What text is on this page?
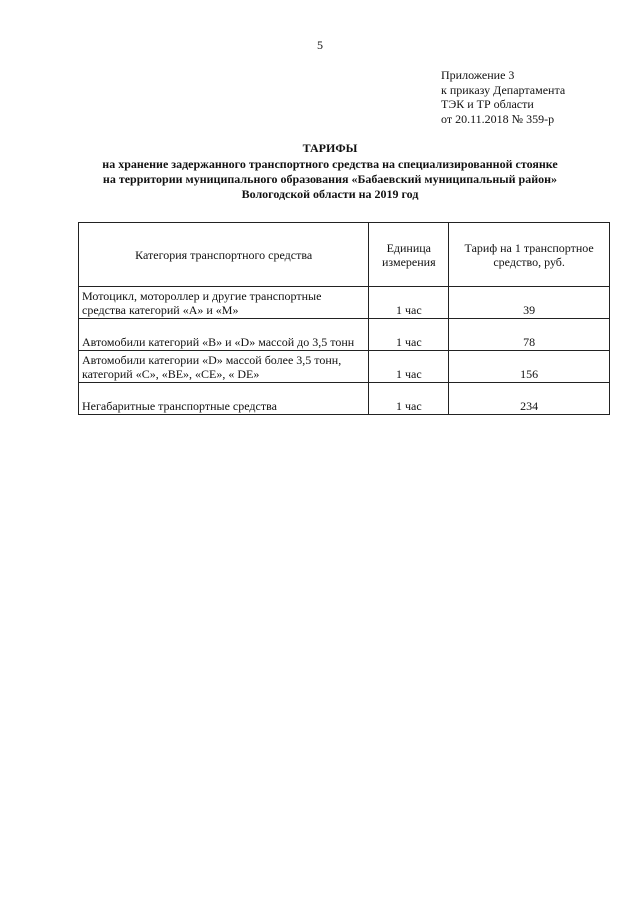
5
Приложение 3
к приказу Департамента
ТЭК и ТР области
от 20.11.2018 № 359-р
ТАРИФЫ
на хранение задержанного транспортного средства на специализированной стоянке
на территории муниципального образования «Бабаевский муниципальный район»
Вологодской области на 2019 год
Категория транспортного средства	Единица измерения	Тариф на 1 транспортное средство, руб.
Мотоцикл, мотороллер и другие транспортные средства категорий «A» и «M»	1 час	39
Автомобили категорий «B» и «D» массой до 3,5 тонн	1 час	78
Автомобили категории «D» массой более 3,5 тонн, категорий «C», «BE», «CE», « DE»	1 час	156
Негабаритные транспортные средства	1 час	234
